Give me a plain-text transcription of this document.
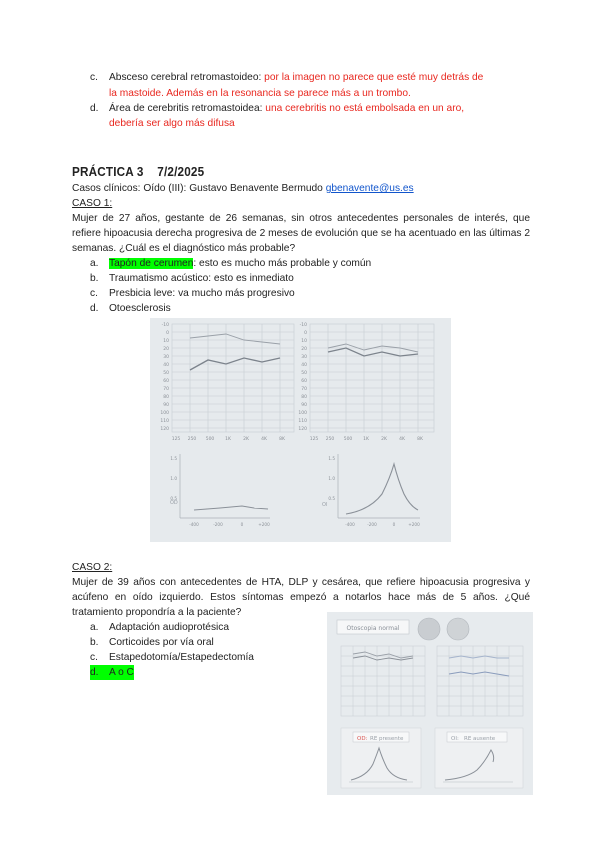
c.	Absceso cerebral retromastoideo: por la imagen no parece que esté muy detrás de
la mastoide. Además en la resonancia se parece más a un trombo.
d.	Área de cerebritis retromastoidea: una cerebritis no está embolsada en un aro,
debería ser algo más difusa
PRÁCTICA 3 7/2/2025
Casos clínicos: Oído (III): Gustavo Benavente Bermudo gbenavente@us.es
CASO 1:
Mujer de 27 años, gestante de 26 semanas, sin otros antecedentes personales de interés, que refiere hipoacusia derecha progresiva de 2 meses de evolución que se ha acentuado en las últimas 2 semanas. ¿Cuál es el diagnóstico más probable?
a.	Tapón de cerumen: esto es mucho más probable y común
b.	Traumatismo acústico: esto es inmediato
c.	Presbicia leve: va mucho más progresivo
d.	Otoesclerosis
-10
0
10
20
30
40
50
60
70
80
90
100
110
120
-10
0
10
20
30
40
50
60
70
80
90
100
110
120
125 250 500 1K	2K	4K	8K	125 250 500 1K	2K	4K	8K
1.5
1.0
0.5
1.5
1.0
0.5
-400	-200	0	+200	-400	-200	0	+200
OD	OI
CASO 2:
Mujer de 39 años con antecedentes de HTA, DLP y cesárea, que refiere hipoacusia progresiva y acúfeno en oído izquierdo. Estos síntomas empezó a notarlos hace más de 5 años. ¿Qué tratamiento propondría a la paciente?
a.	Adaptación audioprotésica
b.	Corticoides por vía oral
c.	Estapedotomía/Estapedectomía
d. A o C
Otoscopia normal
OD: RE presente	OI: RE ausente
